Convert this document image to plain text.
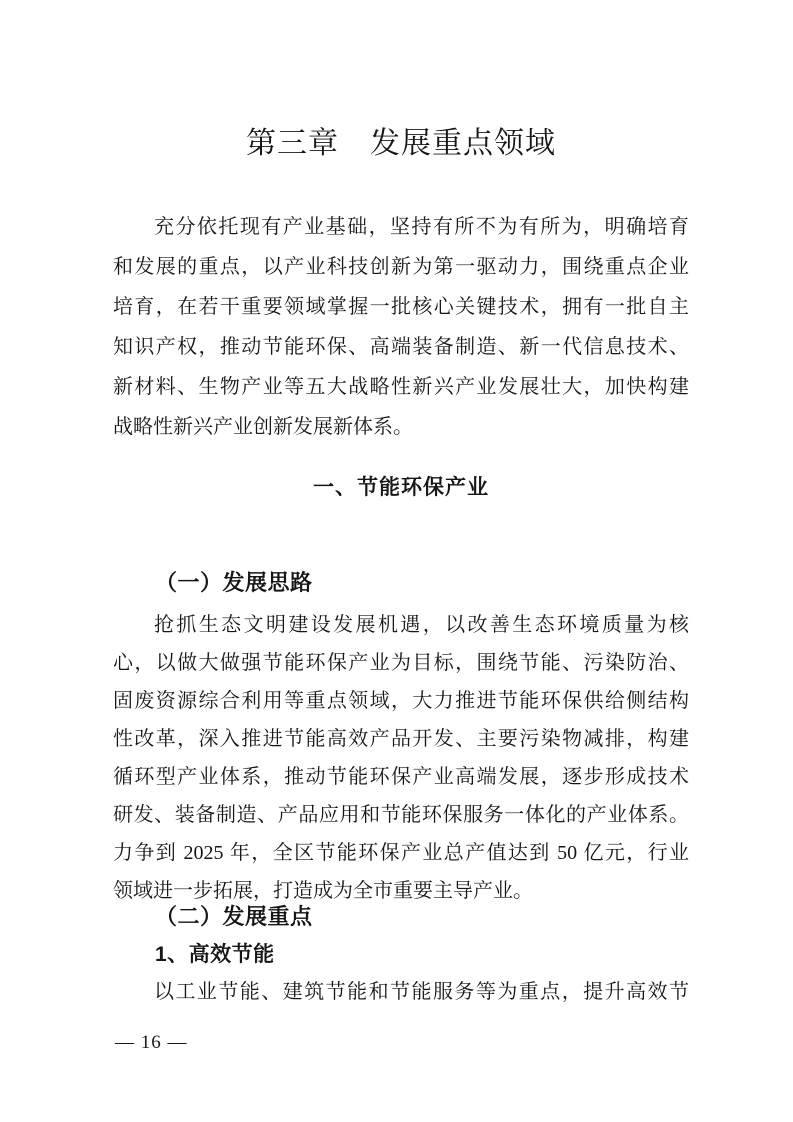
第三章　发展重点领域
充分依托现有产业基础，坚持有所不为有所为，明确培育
和发展的重点，以产业科技创新为第一驱动力，围绕重点企业
培育，在若干重要领域掌握一批核心关键技术，拥有一批自主
知识产权，推动节能环保、高端装备制造、新一代信息技术、
新材料、生物产业等五大战略性新兴产业发展壮大，加快构建
战略性新兴产业创新发展新体系。
一、节能环保产业
（一）发展思路
抢抓生态文明建设发展机遇，以改善生态环境质量为核
心，以做大做强节能环保产业为目标，围绕节能、污染防治、
固废资源综合利用等重点领域，大力推进节能环保供给侧结构
性改革，深入推进节能高效产品开发、主要污染物减排，构建
循环型产业体系，推动节能环保产业高端发展，逐步形成技术
研发、装备制造、产品应用和节能环保服务一体化的产业体系。
力争到 2025 年，全区节能环保产业总产值达到 50 亿元，行业
领域进一步拓展，打造成为全市重要主导产业。
（二）发展重点
1、高效节能
以工业节能、建筑节能和节能服务等为重点，提升高效节
— 16 —
